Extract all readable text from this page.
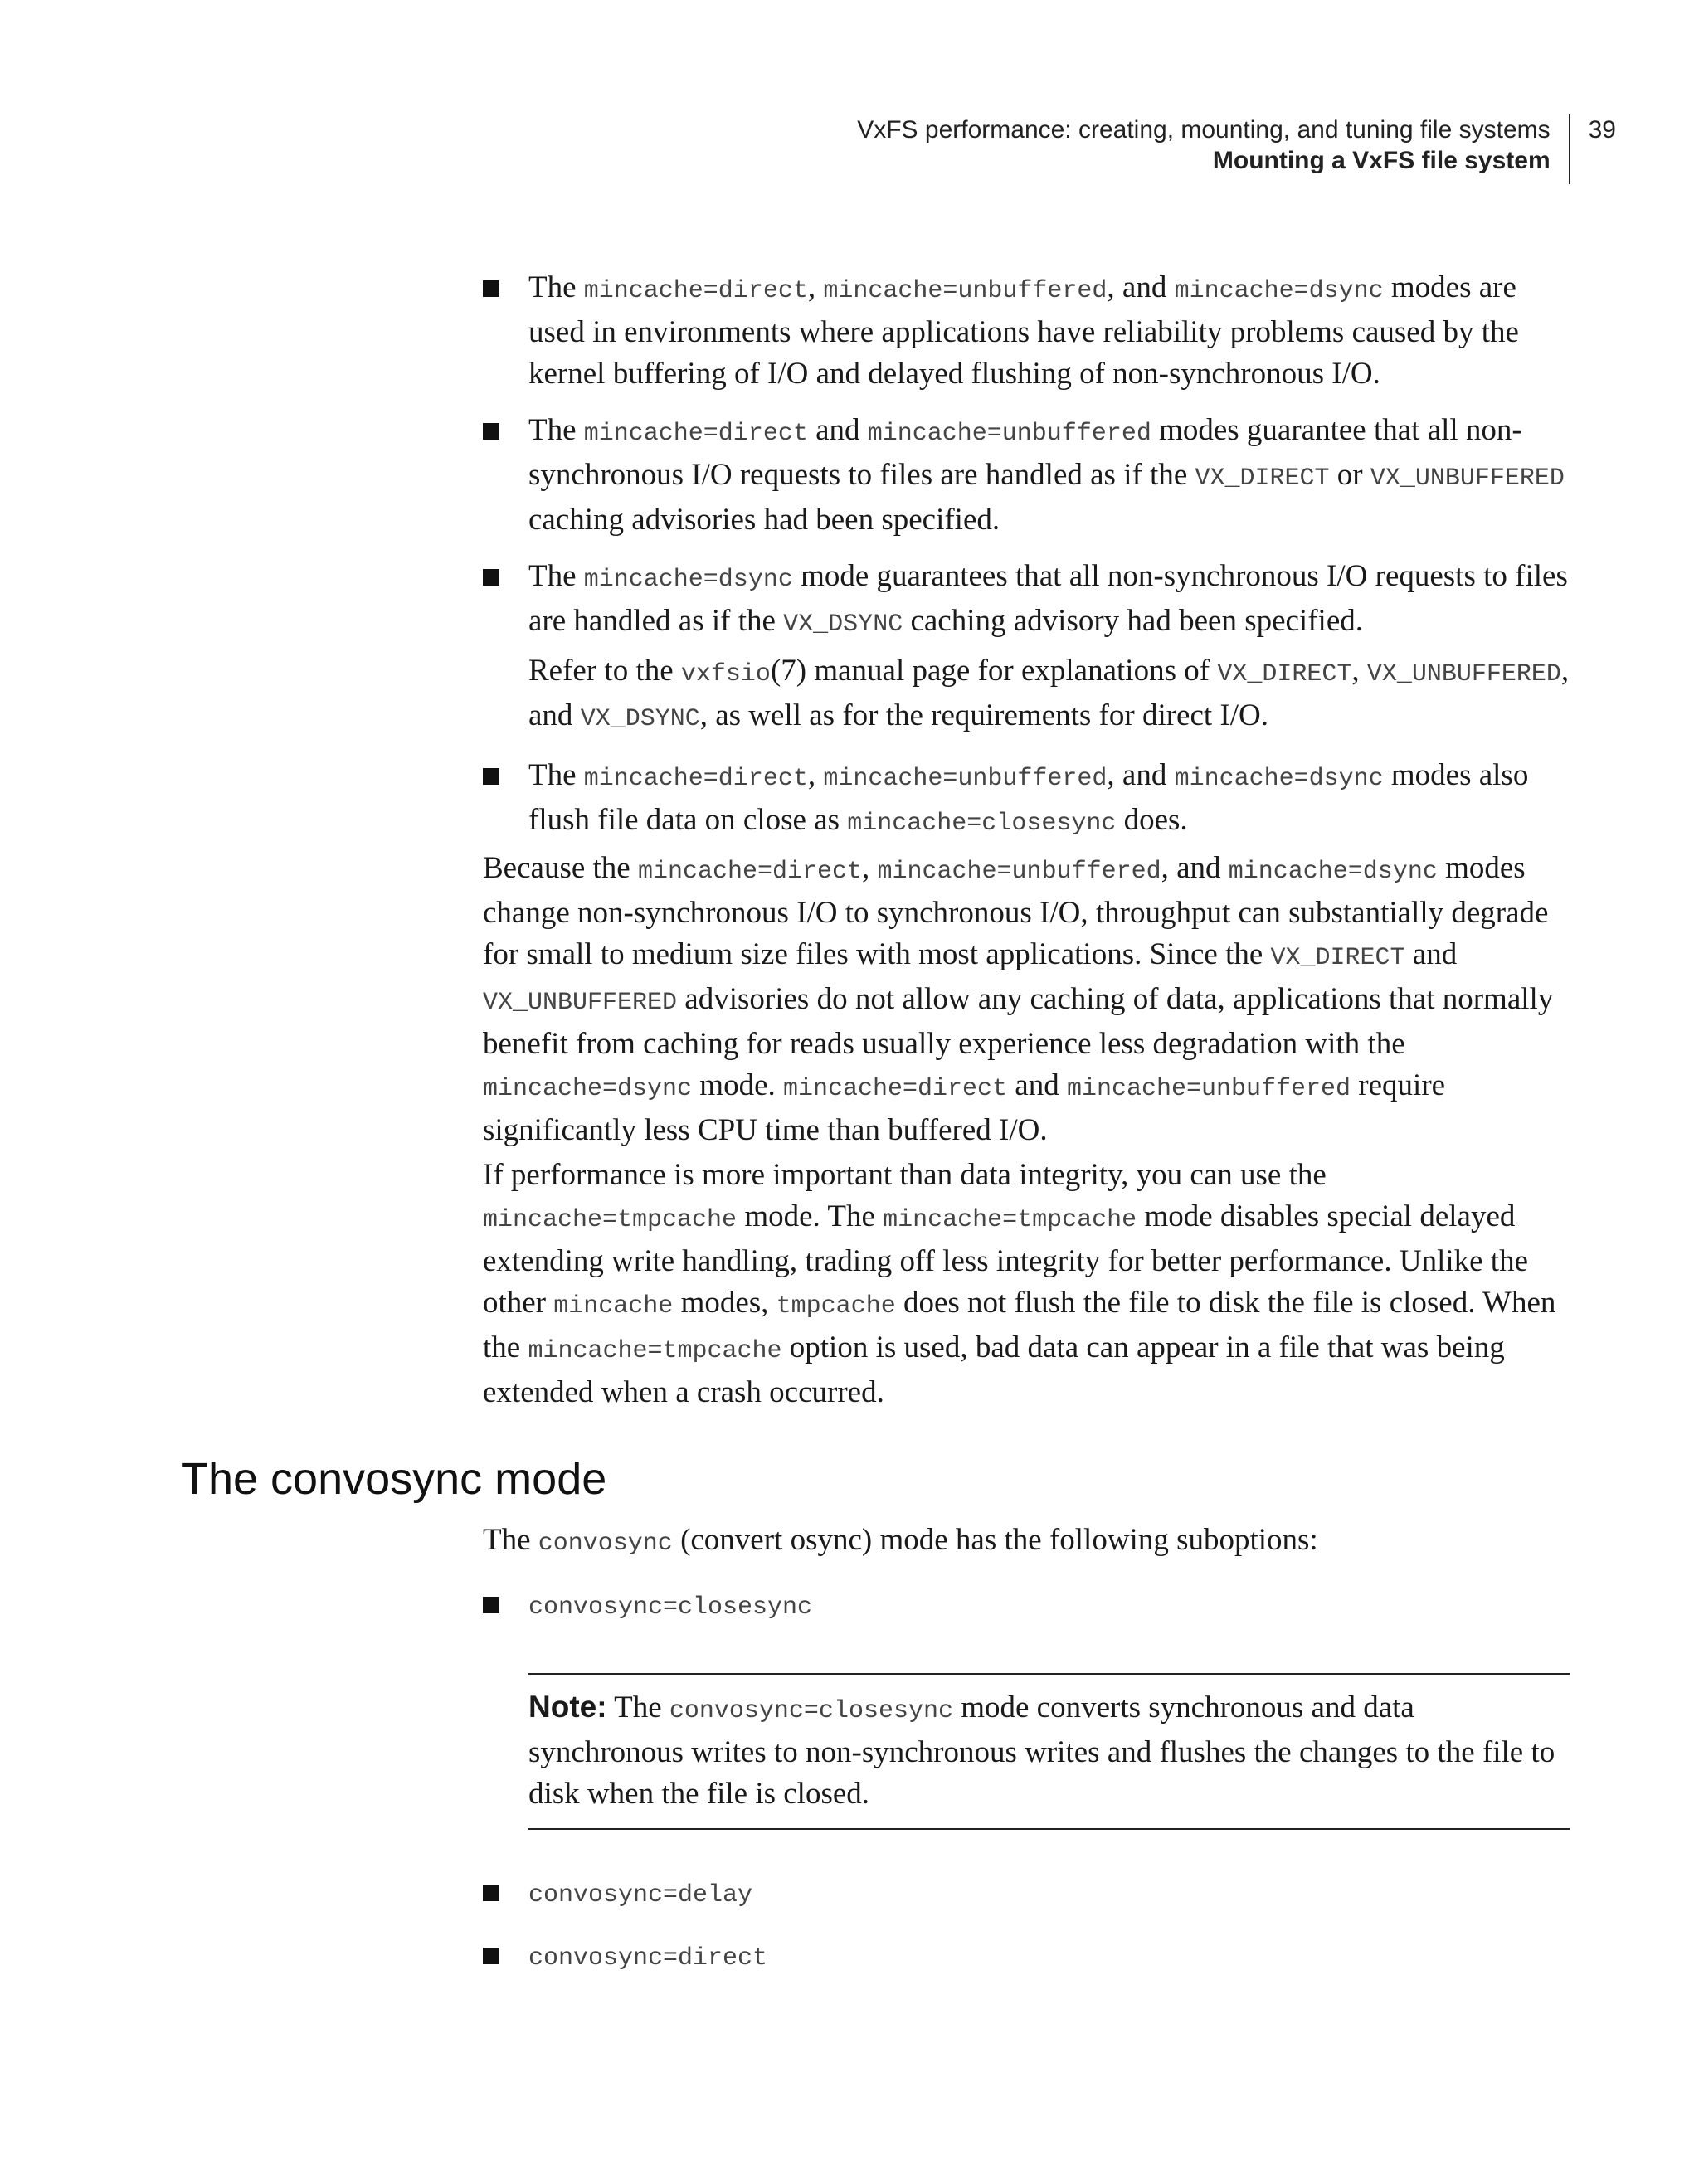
VxFS performance: creating, mounting, and tuning file systems
Mounting a VxFS file system
39
The mincache=direct, mincache=unbuffered, and mincache=dsync modes are used in environments where applications have reliability problems caused by the kernel buffering of I/O and delayed flushing of non-synchronous I/O.
The mincache=direct and mincache=unbuffered modes guarantee that all non-synchronous I/O requests to files are handled as if the VX_DIRECT or VX_UNBUFFERED caching advisories had been specified.

The mincache=dsync mode guarantees that all non-synchronous I/O requests to files are handled as if the VX_DSYNC caching advisory had been specified.

Refer to the vxfsio(7) manual page for explanations of VX_DIRECT, VX_UNBUFFERED, and VX_DSYNC, as well as for the requirements for direct I/O.

The mincache=direct, mincache=unbuffered, and mincache=dsync modes also flush file data on close as mincache=closesync does.

Because the mincache=direct, mincache=unbuffered, and mincache=dsync modes change non-synchronous I/O to synchronous I/O, throughput can substantially degrade for small to medium size files with most applications. Since the VX_DIRECT and VX_UNBUFFERED advisories do not allow any caching of data, applications that normally benefit from caching for reads usually experience less degradation with the mincache=dsync mode. mincache=direct and mincache=unbuffered require significantly less CPU time than buffered I/O.

If performance is more important than data integrity, you can use the mincache=tmpcache mode. The mincache=tmpcache mode disables special delayed extending write handling, trading off less integrity for better performance. Unlike the other mincache modes, tmpcache does not flush the file to disk the file is closed. When the mincache=tmpcache option is used, bad data can appear in a file that was being extended when a crash occurred.

The convosync mode

The convosync (convert osync) mode has the following suboptions:

convosync=closesync
Note: The convosync=closesync mode converts synchronous and data synchronous writes to non-synchronous writes and flushes the changes to the file to disk when the file is closed.
convosync=delay
convosync=direct
